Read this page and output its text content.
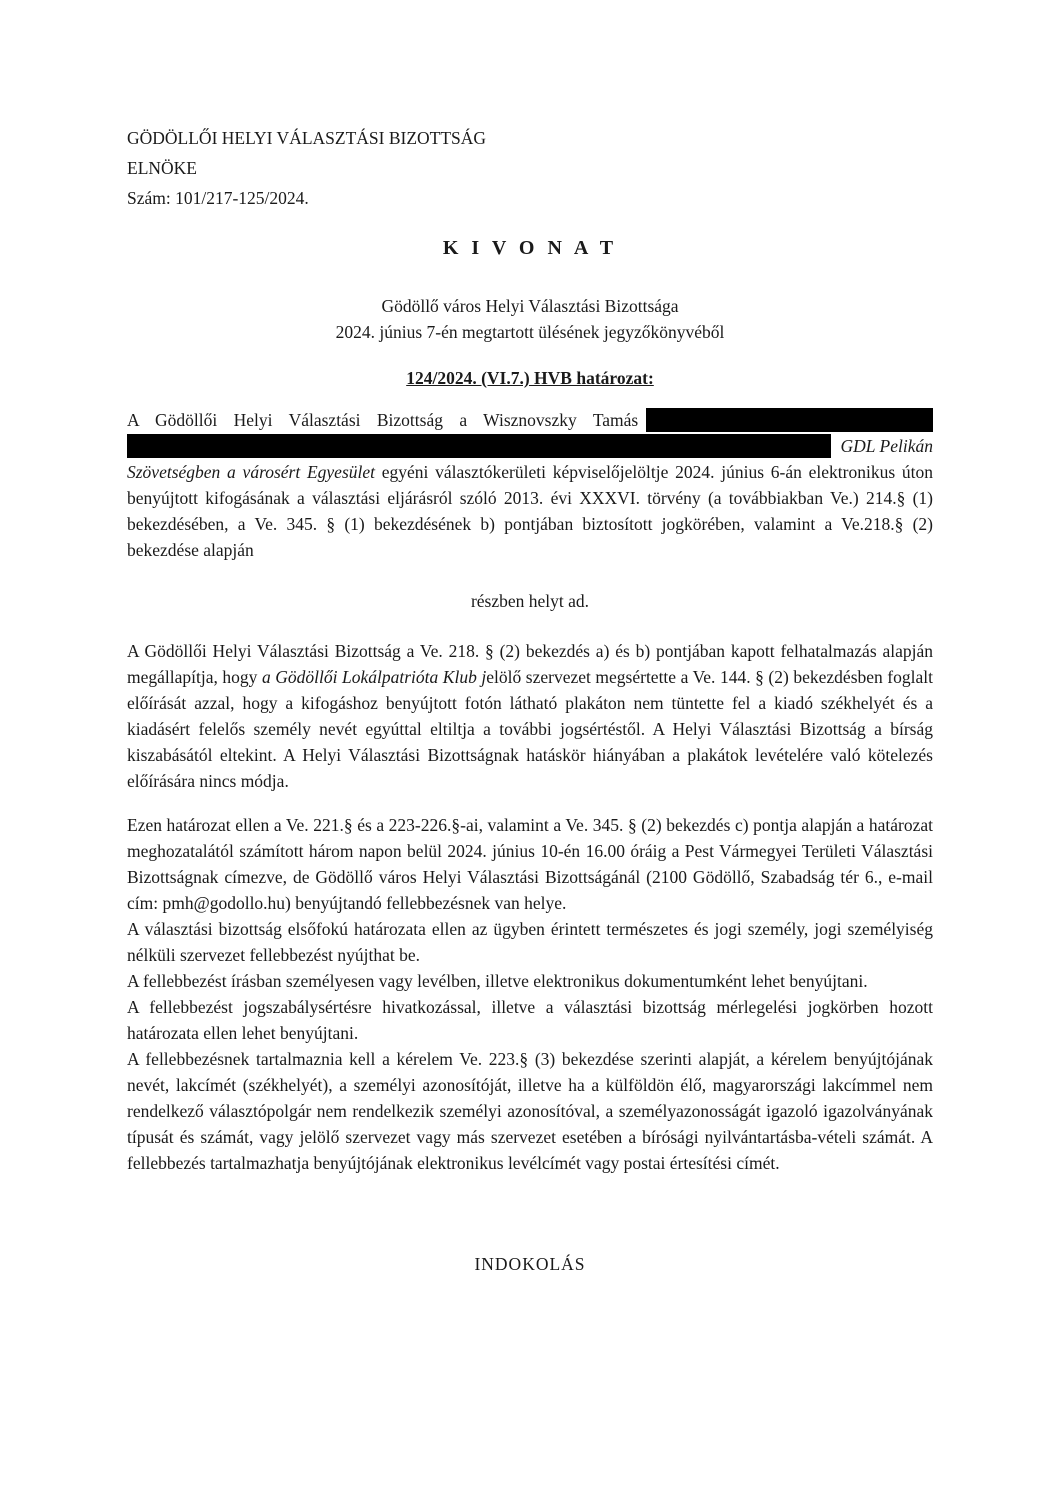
GÖDÖLLŐI HELYI VÁLASZTÁSI BIZOTTSÁG
ELNÖKE
Szám: 101/217-125/2024.
K I V O N A T
Gödöllő város Helyi Választási Bizottsága
2024. június 7-én megtartott ülésének jegyzőkönyvéből
124/2024. (VI.7.) HVB határozat:
A Gödöllői Helyi Választási Bizottság a Wisznovszky Tamás
GDL Pelikán
Szövetségben a városért Egyesület egyéni választókerületi képviselőjelöltje 2024. június 6-án elektronikus úton benyújtott kifogásának a választási eljárásról szóló 2013. évi XXXVI. törvény (a továbbiakban Ve.) 214.§ (1) bekezdésében, a Ve. 345. § (1) bekezdésének b) pontjában biztosított jogkörében, valamint a Ve.218.§ (2) bekezdése alapján
részben helyt ad.

A Gödöllői Helyi Választási Bizottság a Ve. 218. § (2) bekezdés a) és b) pontjában kapott felhatalmazás alapján megállapítja, hogy a Gödöllői Lokálpatrióta Klub jelölő szervezet megsértette a Ve. 144. § (2) bekezdésben foglalt előírását azzal, hogy a kifogáshoz benyújtott fotón látható plakáton nem tüntette fel a kiadó székhelyét és a kiadásért felelős személy nevét egyúttal eltiltja a további jogsértéstől. A Helyi Választási Bizottság a bírság kiszabásától eltekint. A Helyi Választási Bizottságnak hatáskör hiányában a plakátok levételére való kötelezés előírására nincs módja.

Ezen határozat ellen a Ve. 221.§ és a 223-226.§-ai, valamint a Ve. 345. § (2) bekezdés c) pontja alapján a határozat meghozatalától számított három napon belül 2024. június 10-én 16.00 óráig a Pest Vármegyei Területi Választási Bizottságnak címezve, de Gödöllő város Helyi Választási Bizottságánál (2100 Gödöllő, Szabadság tér 6., e-mail cím: pmh@godollo.hu) benyújtandó fellebbezésnek van helye.

A választási bizottság elsőfokú határozata ellen az ügyben érintett természetes és jogi személy, jogi személyiség nélküli szervezet fellebbezést nyújthat be.

A fellebbezést írásban személyesen vagy levélben, illetve elektronikus dokumentumként lehet benyújtani.

A fellebbezést jogszabálysértésre hivatkozással, illetve a választási bizottság mérlegelési jogkörben hozott határozata ellen lehet benyújtani.

A fellebbezésnek tartalmaznia kell a kérelem Ve. 223.§ (3) bekezdése szerinti alapját, a kérelem benyújtójának nevét, lakcímét (székhelyét), a személyi azonosítóját, illetve ha a külföldön élő, magyarországi lakcímmel nem rendelkező választópolgár nem rendelkezik személyi azonosítóval, a személyazonosságát igazoló igazolványának típusát és számát, vagy jelölő szervezet vagy más szervezet esetében a bírósági nyilvántartásba-vételi számát. A fellebbezés tartalmazhatja benyújtójának elektronikus levélcímét vagy postai értesítési címét.

INDOKOLÁS
